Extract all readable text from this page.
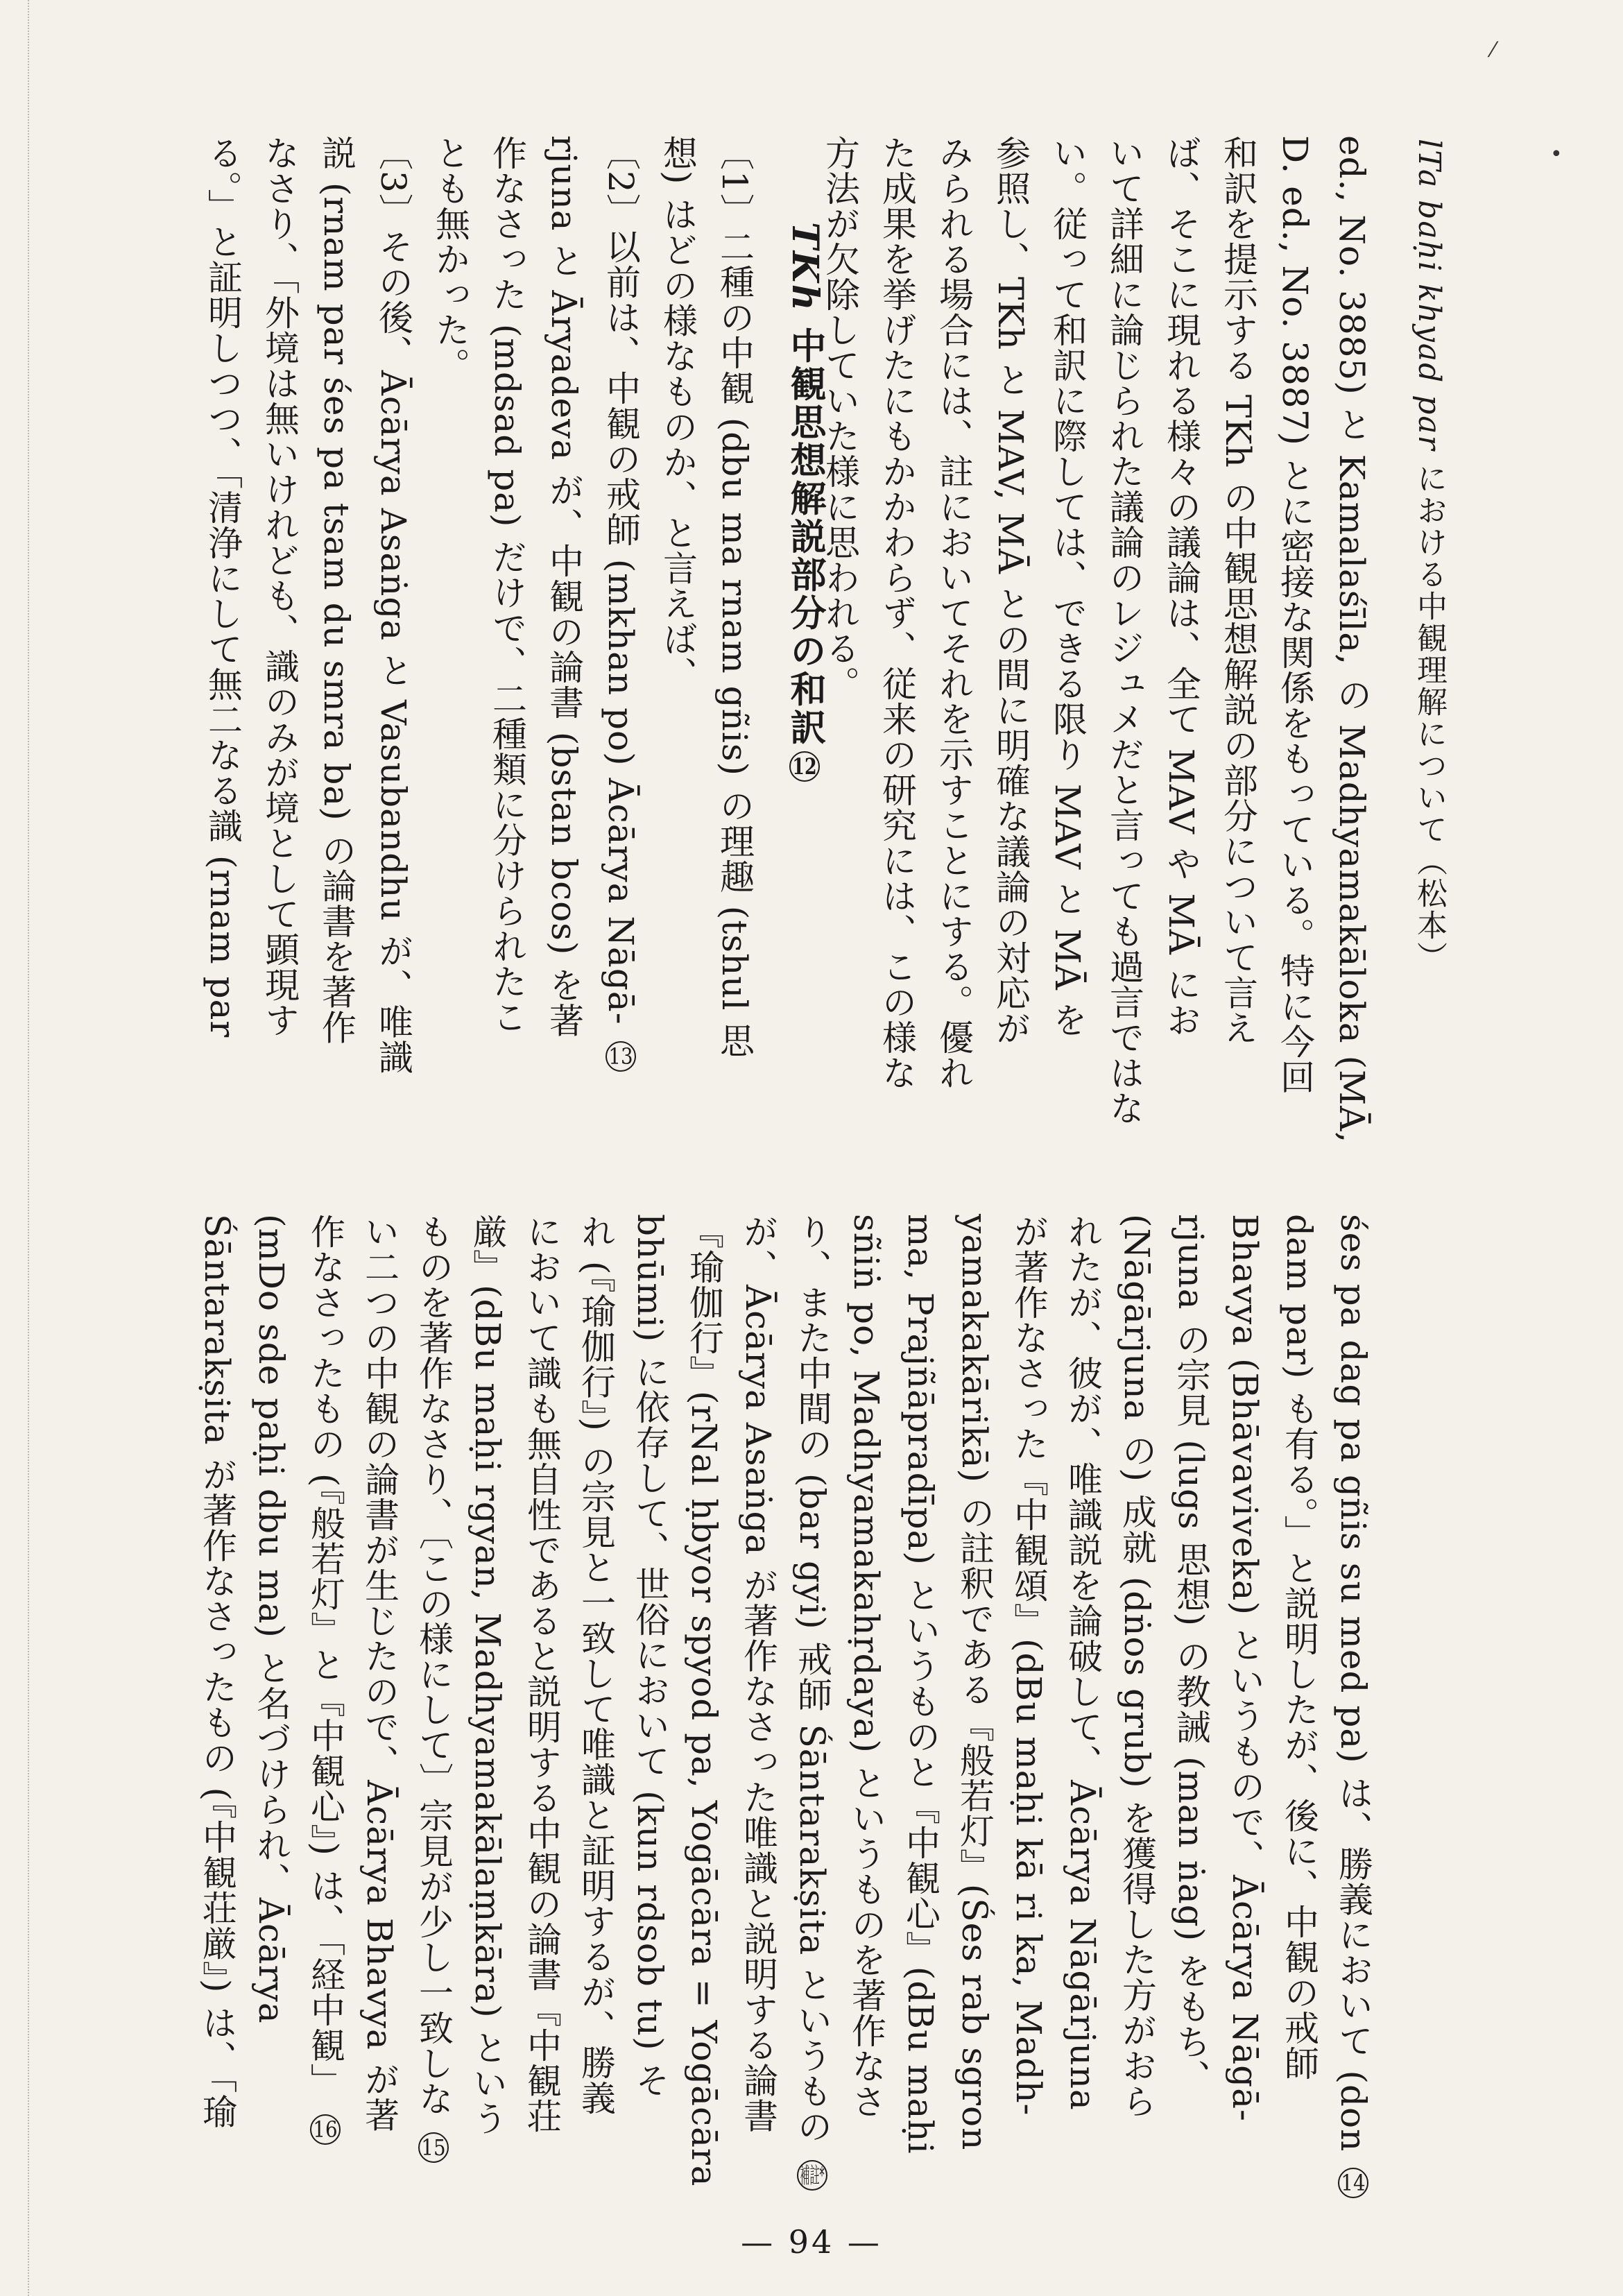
lTa baḥi khyad par における中観理解について（松本）
ed., No. 3885) と Kamalaśīla, の Madhyamakāloka (MĀ,
D. ed., No. 3887) とに密接な関係をもっている。特に今回
和訳を提示する TKh の中観思想解説の部分について言え
ば、そこに現れる様々の議論は、全て MAV や MĀ にお
いて詳細に論じられた議論のレジュメだと言っても過言ではな
い。従って和訳に際しては、できる限り MAV と MĀ を
参照し、TKh と MAV, MĀ との間に明確な議論の対応が
みられる場合には、註においてそれを示すことにする。優れ
た成果を挙げたにもかかわらず、従来の研究には、この様な
方法が欠除していた様に思われる。
TKh 中観思想解説部分の和訳12
〔1〕二種の中観 (dbu ma rnam gñis) の理趣 (tshul 思
想) はどの様なものか、と言えば、
〔2〕以前は、中観の戒師 (mkhan po) Ācārya Nāgā- 13
rjuna と Āryadeva が、中観の論書 (bstan bcos) を著
作なさった (mdsad pa) だけで、二種類に分けられたこ
とも無かった。
〔3〕その後、Ācārya Asaṅga と Vasubandhu が、唯識
説 (rnam par śes pa tsam du smra ba) の論書を著作
なさり、「外境は無いけれども、識のみが境として顕現す
る。」と証明しつつ、「清浄にして無二なる識 (rnam par
śes pa dag pa gñis su med pa) は、勝義において (don 14
dam par) も有る。」と説明したが、後に、中観の戒師
Bhavya (Bhāvaviveka) というもので、Ācārya Nāgā-
rjuna の宗見 (lugs 思想) の教誡 (man ṅag) をもち、
(Nāgārjuna の) 成就 (dṅos grub) を獲得した方がおら
れたが、彼が、唯識説を論破して、Ācārya Nāgārjuna
が著作なさった『中観頌』(dBu maḥi kā ri ka, Madh-
yamakakārikā) の註釈である『般若灯』(Śes rab sgron
ma, Prajñāpradīpa) というものと『中観心』(dBu maḥi
sñiṅ po, Madhyamakahṛdaya) というものを著作なさ
り、また中間の (bar gyi) 戒師 Śāntarakṣita というもの 補註*
が、Ācārya Asaṅga が著作なさった唯識と説明する論書
『瑜伽行』(rNal ḥbyor spyod pa, Yogācāra = Yogācāra
bhūmi) に依存して、世俗において (kun rdsob tu) そ
れ (『瑜伽行』) の宗見と一致して唯識と証明するが、勝義
において識も無自性であると説明する中観の論書『中観荘
厳』(dBu maḥi rgyan, Madhyamakālaṃkāra) という
ものを著作なさり、〔この様にして〕宗見が少し一致しな 15
い二つの中観の論書が生じたので、Ācārya Bhavya が著
作なさったもの (『般若灯』と『中観心』) は、「経中観」 16
(mDo sde paḥi dbu ma) と名づけられ、Ācārya
Śāntarakṣita が著作なさったもの (『中観荘厳』) は、「瑜
— 94 —
⁄
•
